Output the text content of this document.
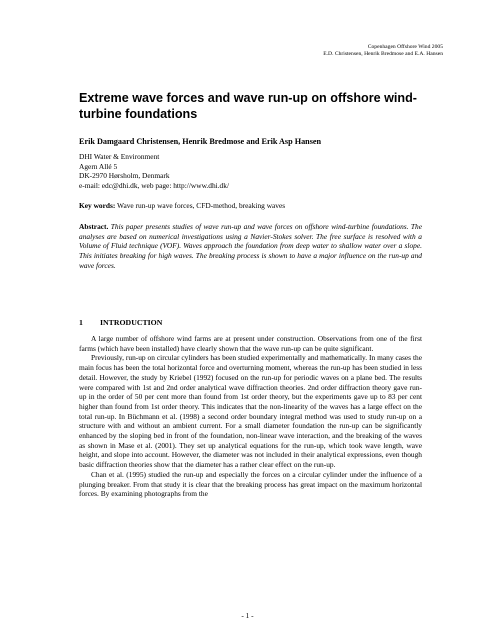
Copenhagen Offshore Wind 2005
E.D. Christensen, Henrik Bredmose and E.A. Hansen
Extreme wave forces and wave run-up on offshore wind-turbine foundations
Erik Damgaard Christensen, Henrik Bredmose and Erik Asp Hansen
DHI Water & Environment
Agern Allé 5
DK-2970 Hørsholm, Denmark
e-mail: edc@dhi.dk, web page: http://www.dhi.dk/
Key words: Wave run-up wave forces, CFD-method, breaking waves
Abstract. This paper presents studies of wave run-up and wave forces on offshore wind-turbine foundations. The analyses are based on numerical investigations using a Navier-Stokes solver. The free surface is resolved with a Volume of Fluid technique (VOF). Waves approach the foundation from deep water to shallow water over a slope. This initiates breaking for high waves. The breaking process is shown to have a major influence on the run-up and wave forces.
1 INTRODUCTION

A large number of offshore wind farms are at present under construction. Observations from one of the first farms (which have been installed) have clearly shown that the wave run-up can be quite significant.

Previously, run-up on circular cylinders has been studied experimentally and mathematically. In many cases the main focus has been the total horizontal force and overturning moment, whereas the run-up has been studied in less detail. However, the study by Kriebel (1992) focused on the run-up for periodic waves on a plane bed. The results were compared with 1st and 2nd order analytical wave diffraction theories. 2nd order diffraction theory gave run-up in the order of 50 per cent more than found from 1st order theory, but the experiments gave up to 83 per cent higher than found from 1st order theory. This indicates that the non-linearity of the waves has a large effect on the total run-up. In Büchmann et al. (1998) a second order boundary integral method was used to study run-up on a structure with and without an ambient current. For a small diameter foundation the run-up can be significantly enhanced by the sloping bed in front of the foundation, non-linear wave interaction, and the breaking of the waves as shown in Mase et al. (2001). They set up analytical equations for the run-up, which took wave length, wave height, and slope into account. However, the diameter was not included in their analytical expressions, even though basic diffraction theories show that the diameter has a rather clear effect on the run-up.

Chan et al. (1995) studied the run-up and especially the forces on a circular cylinder under the influence of a plunging breaker. From that study it is clear that the breaking process has great impact on the maximum horizontal forces. By examining photographs from the

- 1 -
